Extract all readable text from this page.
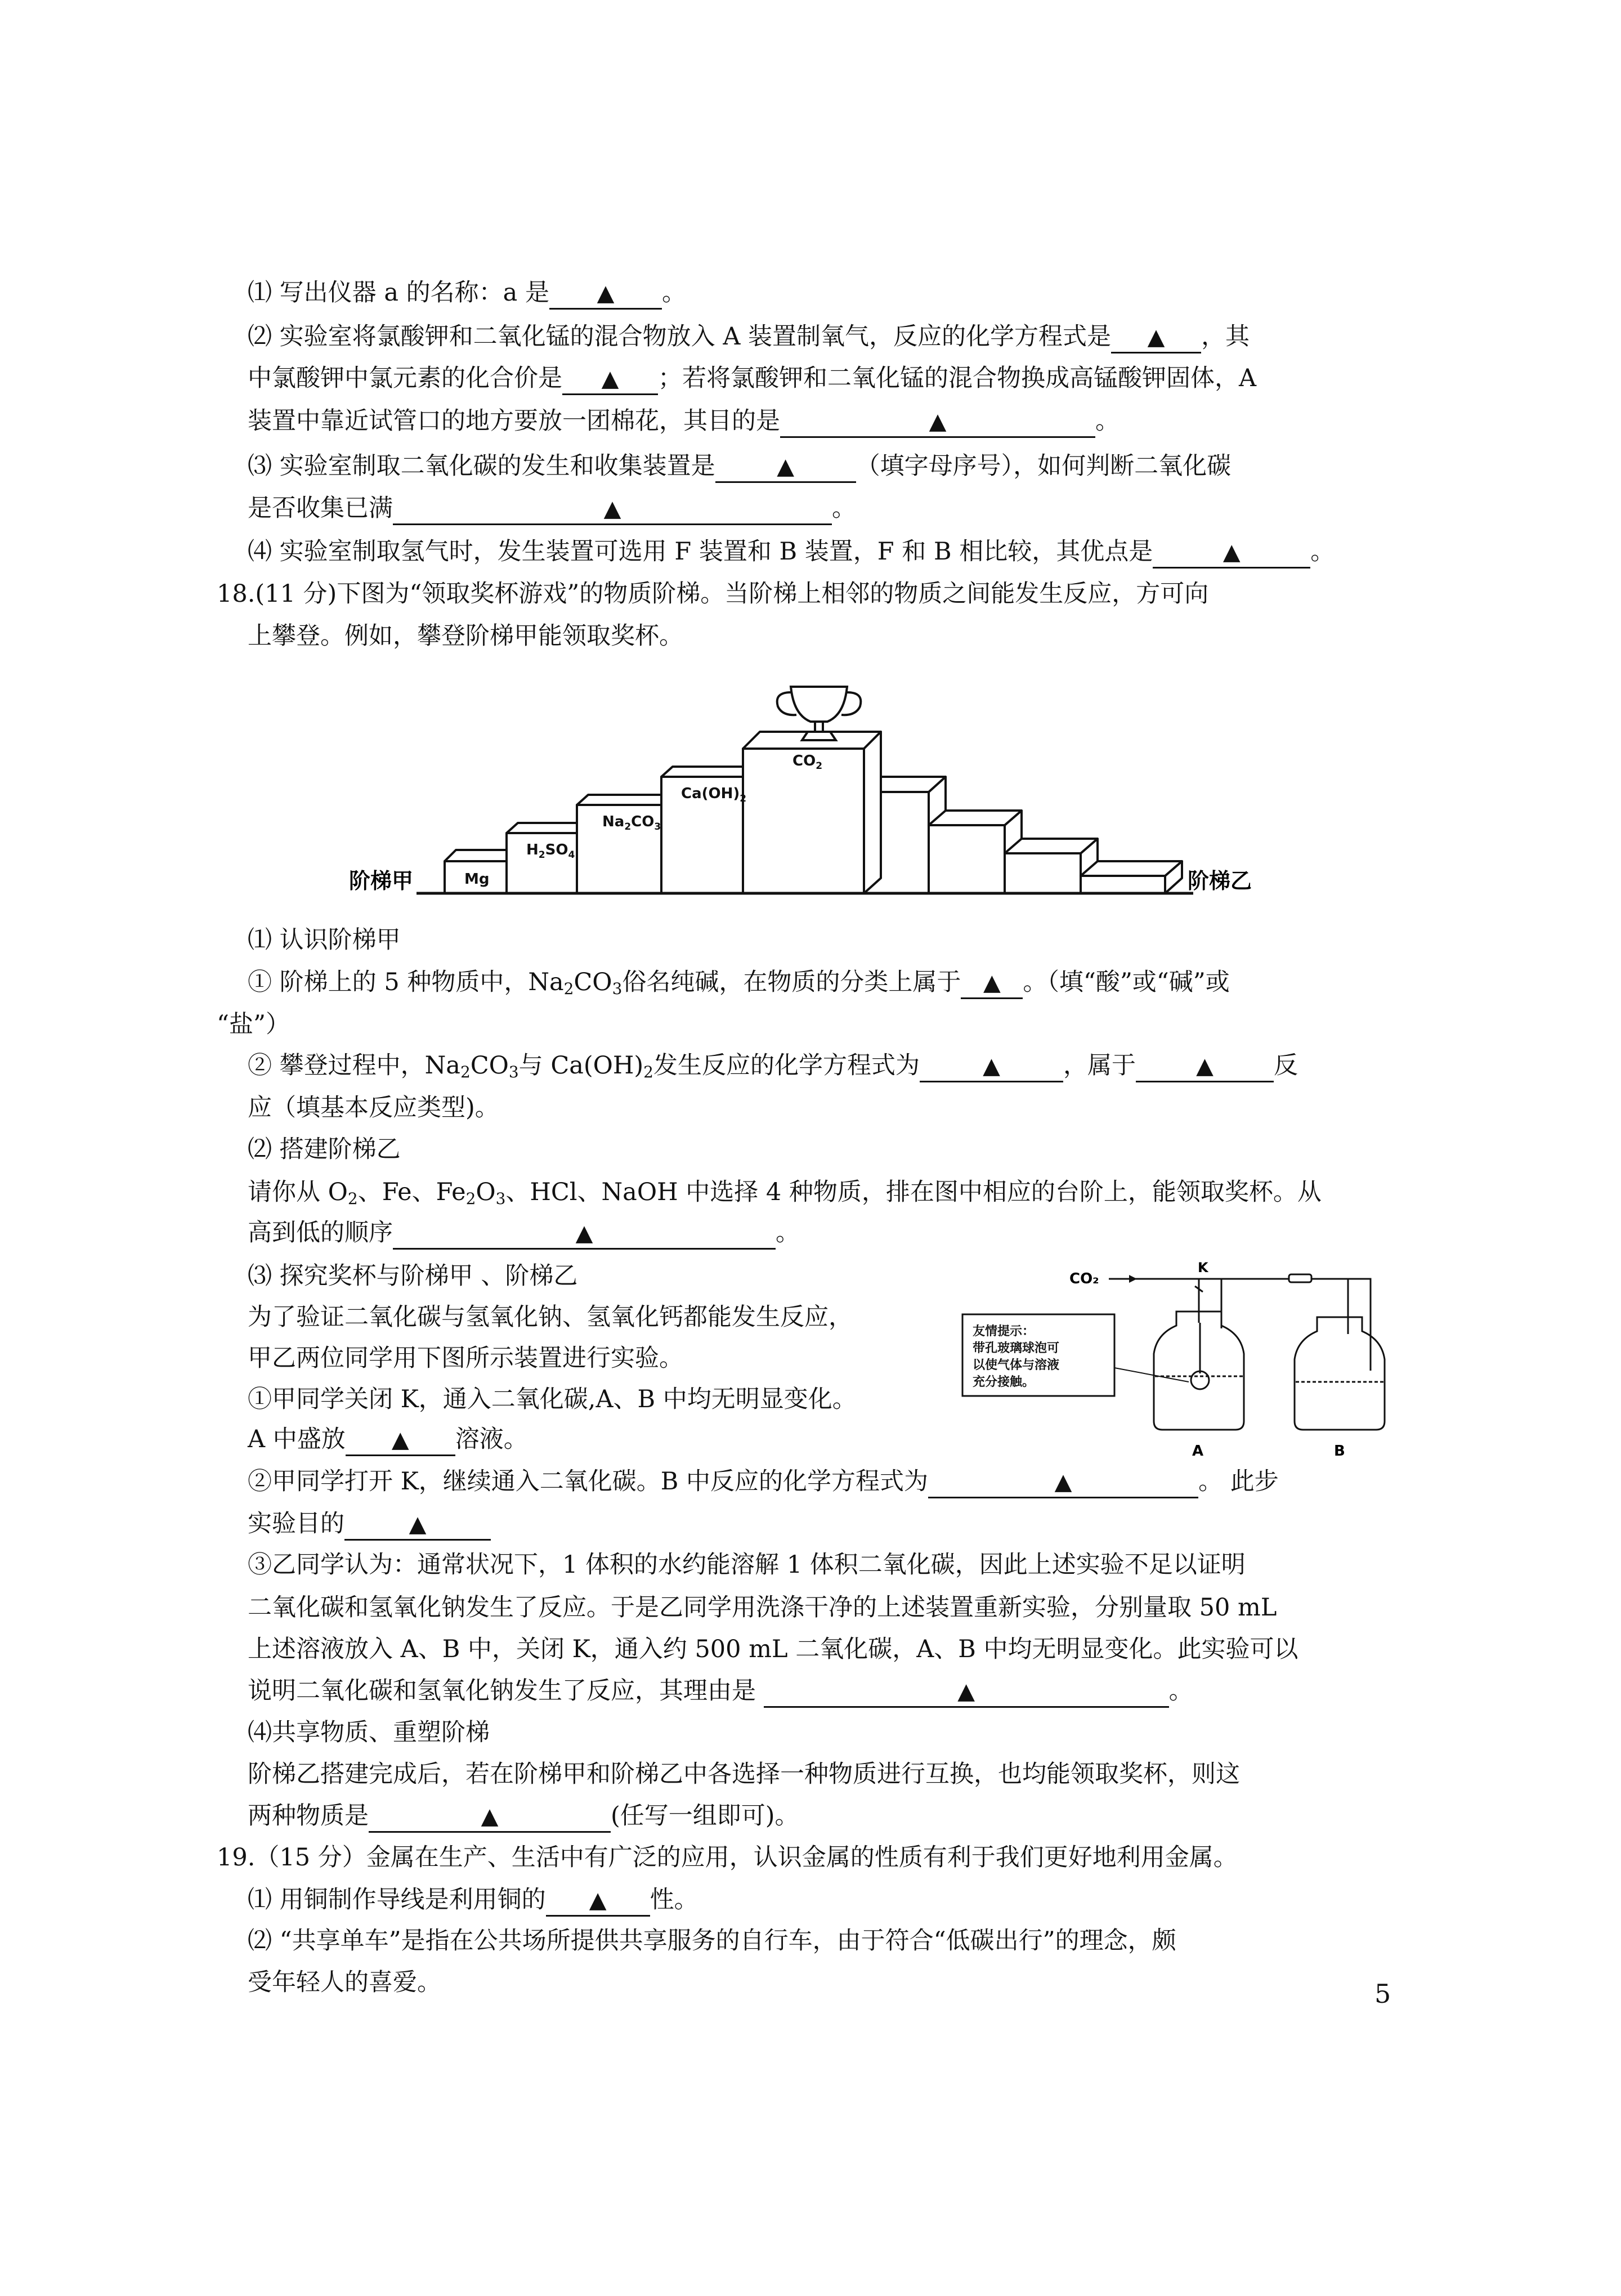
⑴ 写出仪器 a 的名称：a 是 ▲ 。
⑵ 实验室将氯酸钾和二氧化锰的混合物放入 A 装置制氧气，反应的化学方程式是 ▲ ，其
中氯酸钾中氯元素的化合价是 ▲ ；若将氯酸钾和二氧化锰的混合物换成高锰酸钾固体，A
装置中靠近试管口的地方要放一团棉花，其目的是	▲	。
⑶ 实验室制取二氧化碳的发生和收集装置是	▲	（填字母序号），如何判断二氧化碳
是否收集已满	▲	。
⑷ 实验室制取氢气时，发生装置可选用 F 装置和 B 装置，F 和 B 相比较，其优点是	▲	。
18.(11 分)下图为“领取奖杯游戏”的物质阶梯。当阶梯上相邻的物质之间能发生反应，方可向
上攀登。例如，攀登阶梯甲能领取奖杯。
Mg
$H_2SO_4$
$Na_2CO_3$
$Ca(OH)_2$
$CO_2$
阶梯甲	阶梯乙
⑴ 认识阶梯甲
① 阶梯上的 5 种物质中，$Na_2CO_3$俗名纯碱，在物质的分类上属于 ▲ 。（填“酸”或“碱”或
“盐”）
② 攀登过程中，$Na_2CO_3$与 $Ca(OH)_2$发生反应的化学方程式为	▲	，属于	▲ 反
应（填基本反应类型)。
⑵ 搭建阶梯乙
请你从 $O_2$、Fe、$Fe_2O_3$、HCl、NaOH 中选择 4 种物质，排在图中相应的台阶上，能领取奖杯。从
高到低的顺序	▲	。
⑶ 探究奖杯与阶梯甲 、阶梯乙
为了验证二氧化碳与氢氧化钠、氢氧化钙都能发生反应，
甲乙两位同学用下图所示装置进行实验。
①甲同学关闭 K，通入二氧化碳,A、B 中均无明显变化。
A 中盛放 ▲ 溶液。
CO₂
K
友情提示：
带孔玻璃球泡可
以使气体与溶液
充分接触。
A	B
②甲同学打开 K，继续通入二氧化碳。B 中反应的化学方程式为	▲	。 此步
实验目的	▲
③乙同学认为：通常状况下，1 体积的水约能溶解 1 体积二氧化碳，因此上述实验不足以证明
二氧化碳和氢氧化钠发生了反应。于是乙同学用洗涤干净的上述装置重新实验，分别量取 50 mL
上述溶液放入 A、B 中，关闭 K，通入约 500 mL 二氧化碳，A、B 中均无明显变化。此实验可以
说明二氧化碳和氢氧化钠发生了反应，其理由是	▲	。
⑷共享物质、重塑阶梯
阶梯乙搭建完成后，若在阶梯甲和阶梯乙中各选择一种物质进行互换，也均能领取奖杯，则这
两种物质是	▲	(任写一组即可)。
19.（15 分）金属在生产、生活中有广泛的应用，认识金属的性质有利于我们更好地利用金属。
⑴ 用铜制作导线是利用铜的 ▲ 性。
⑵ “共享单车”是指在公共场所提供共享服务的自行车，由于符合“低碳出行”的理念，颇
受年轻人的喜爱。	5
